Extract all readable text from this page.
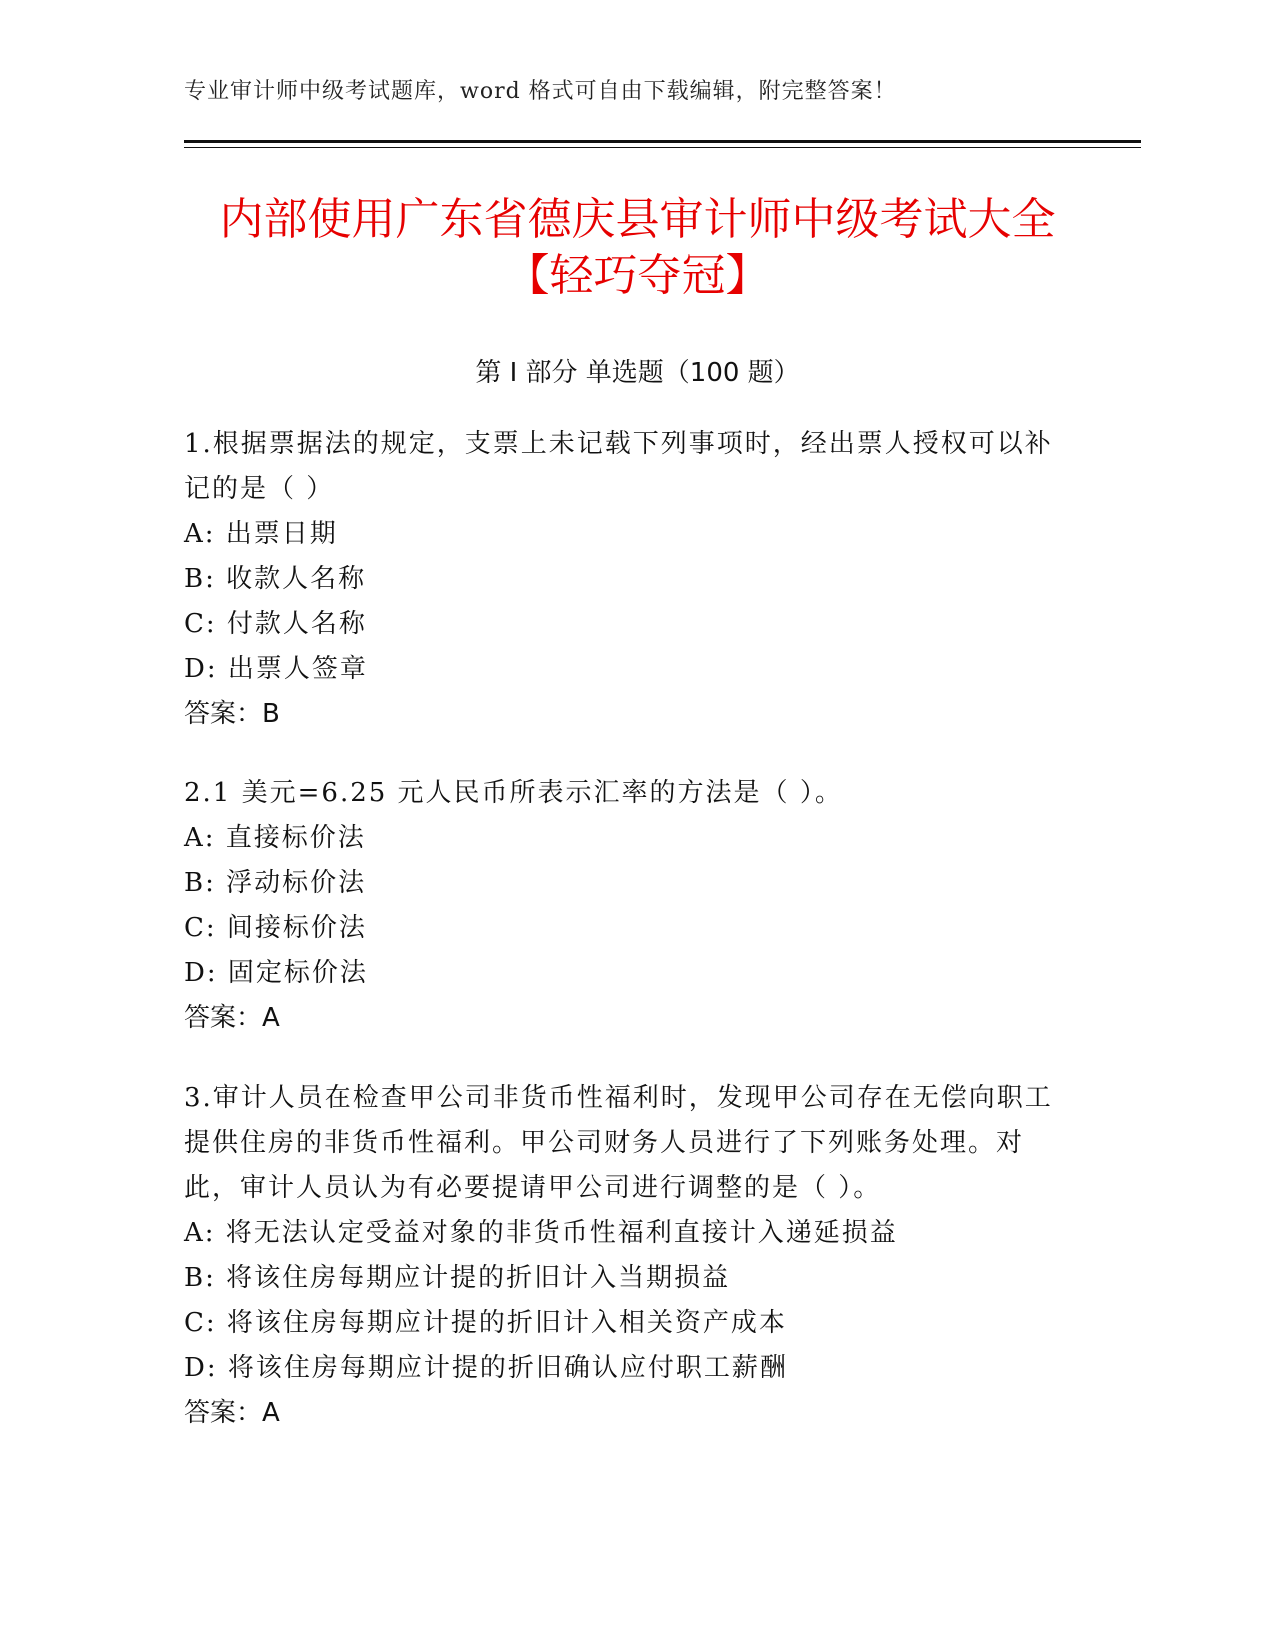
专业审计师中级考试题库，word 格式可自由下载编辑，附完整答案！
内部使用广东省德庆县审计师中级考试大全
【轻巧夺冠】
第 I 部分 单选题（100 题）

1.根据票据法的规定，支票上未记载下列事项时，经出票人授权可以补记的是（ ）

A: 出票日期

B: 收款人名称

C: 付款人名称

D: 出票人签章

答案：B

2.1 美元=6.25 元人民币所表示汇率的方法是（ ）。

A: 直接标价法

B: 浮动标价法

C: 间接标价法

D: 固定标价法

答案：A

3.审计人员在检查甲公司非货币性福利时，发现甲公司存在无偿向职工提供住房的非货币性福利。甲公司财务人员进行了下列账务处理。对此，审计人员认为有必要提请甲公司进行调整的是（ ）。

A: 将无法认定受益对象的非货币性福利直接计入递延损益

B: 将该住房每期应计提的折旧计入当期损益

C: 将该住房每期应计提的折旧计入相关资产成本

D: 将该住房每期应计提的折旧确认应付职工薪酬

答案：A
